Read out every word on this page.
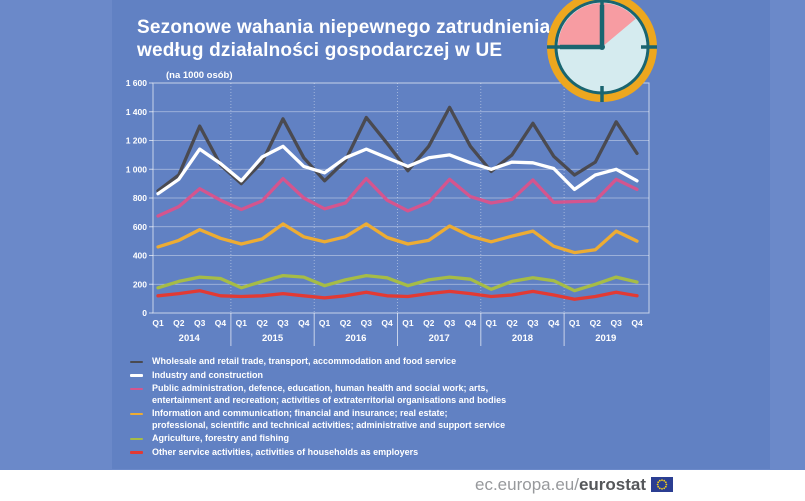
Sezonowe wahania niepewnego zatrudnienia
według działalności gospodarczej w UE
(na 1000 osób)
0
200
400
600
800
1 000
1 200
1 400
1 600
Q1 Q2 Q3 Q4 Q1 Q2 Q3 Q4 Q1 Q2 Q3 Q4 Q1 Q2 Q3 Q4 Q1 Q2 Q3 Q4 Q1 Q2 Q3 Q4
2014	2015	2016	2017	2018	2019
Wholesale and retail trade, transport, accommodation and food service
Industry and construction
Public administration, defence, education, human health and social work; arts,
entertainment and recreation; activities of extraterritorial organisations and bodies
Information and communication; financial and insurance; real estate;
professional, scientific and technical activities; administrative and support service
Agriculture, forestry and fishing
Other service activities, activities of households as employers
ec.europa.eu/eurostat
